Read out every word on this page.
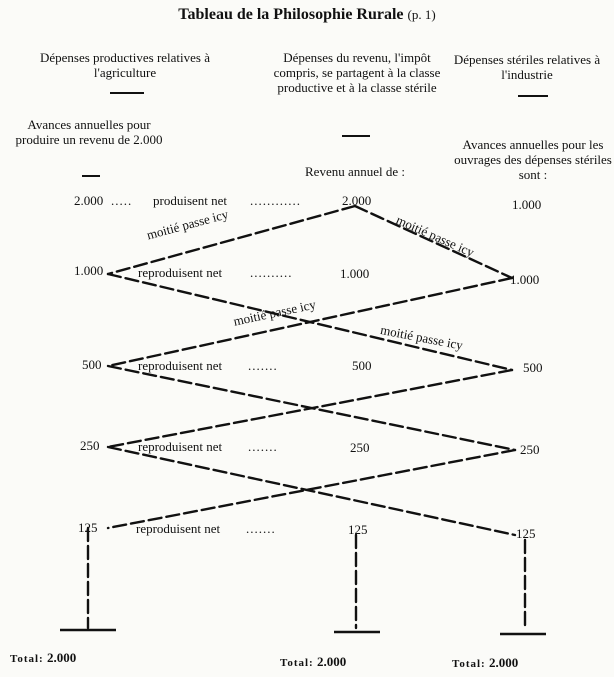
Tableau de la Philosophie Rurale (p. 1)
Dépenses productives relatives à l'agriculture
Avances annuelles pour produire un revenu de 2.000
Dépenses du revenu, l'impôt compris, se partagent à la classe productive et à la classe stérile
Revenu annuel de :
Dépenses stériles relatives à l'industrie
Avances annuelles pour les ouvrages des dépenses stériles sont :
2.000 ..... produisent net ............	2.000	1.000
1.000	reproduisent net ..........	1.000	1.000
500	reproduisent net .......	500	500
250	reproduisent net .......	250	250
125	reproduisent net .......	125	125
moitié passe icy	moitié passe icy
moitié passe icy
moitié passe icy
Total: 2.000	Total: 2.000	Total: 2.000
